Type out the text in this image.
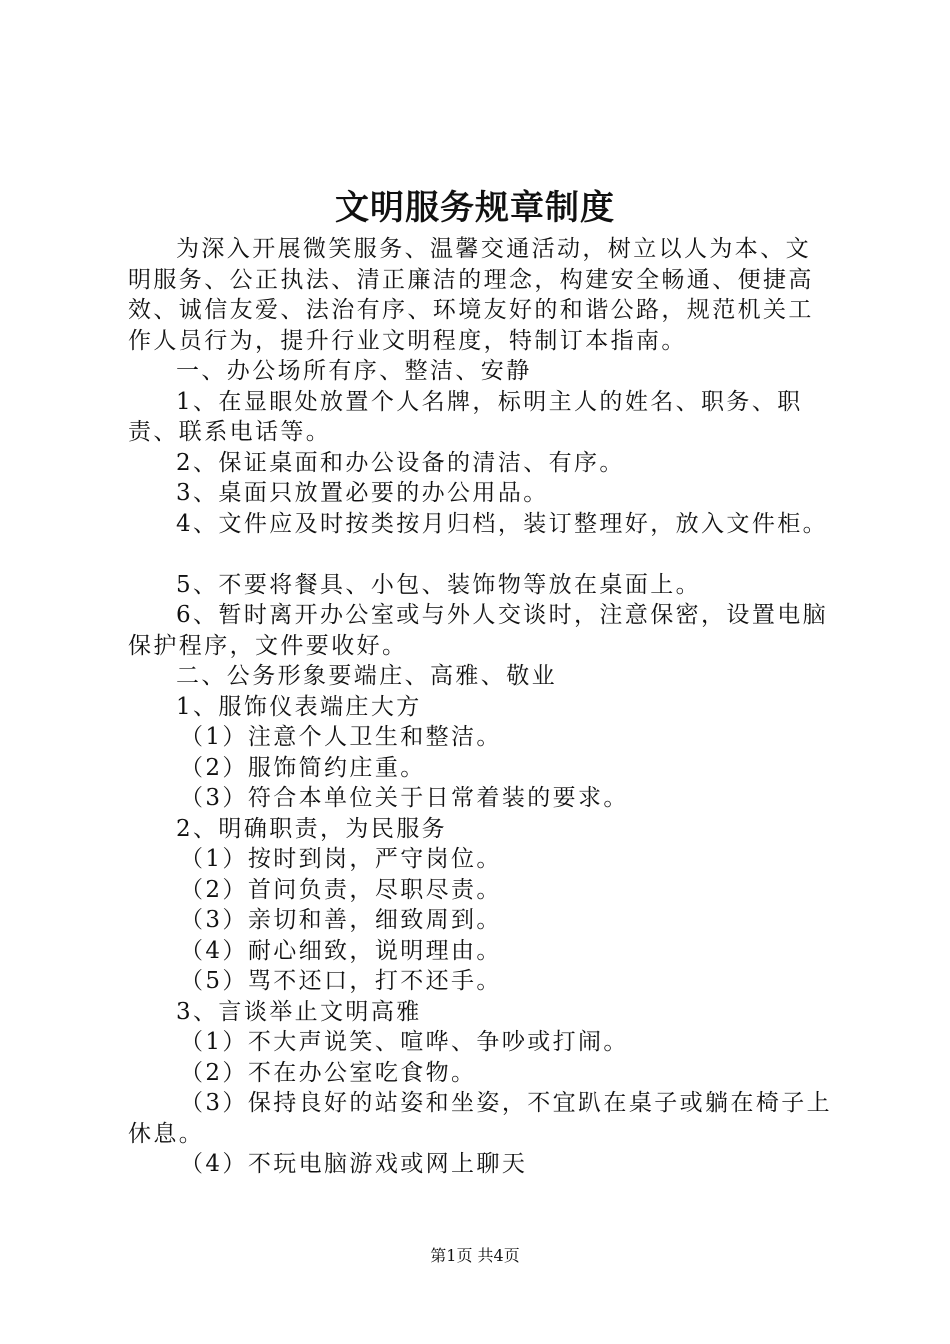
文明服务规章制度

为深入开展微笑服务、温馨交通活动，树立以人为本、文明服务、公正执法、清正廉洁的理念，构建安全畅通、便捷高效、诚信友爱、法治有序、环境友好的和谐公路，规范机关工作人员行为，提升行业文明程度，特制订本指南。

一、办公场所有序、整洁、安静

1、在显眼处放置个人名牌，标明主人的姓名、职务、职责、联系电话等。

2、保证桌面和办公设备的清洁、有序。

3、桌面只放置必要的办公用品。

4、文件应及时按类按月归档，装订整理好，放入文件柜。

5、不要将餐具、小包、装饰物等放在桌面上。

6、暂时离开办公室或与外人交谈时，注意保密，设置电脑保护程序，文件要收好。

二、公务形象要端庄、高雅、敬业

1、服饰仪表端庄大方

（1）注意个人卫生和整洁。

（2）服饰简约庄重。

（3）符合本单位关于日常着装的要求。

2、明确职责，为民服务

（1）按时到岗，严守岗位。

（2）首问负责，尽职尽责。

（3）亲切和善，细致周到。

（4）耐心细致，说明理由。

（5）骂不还口，打不还手。

3、言谈举止文明高雅

（1）不大声说笑、喧哗、争吵或打闹。

（2）不在办公室吃食物。

（3）保持良好的站姿和坐姿，不宜趴在桌子或躺在椅子上休息。

（4）不玩电脑游戏或网上聊天

第1页 共4页
